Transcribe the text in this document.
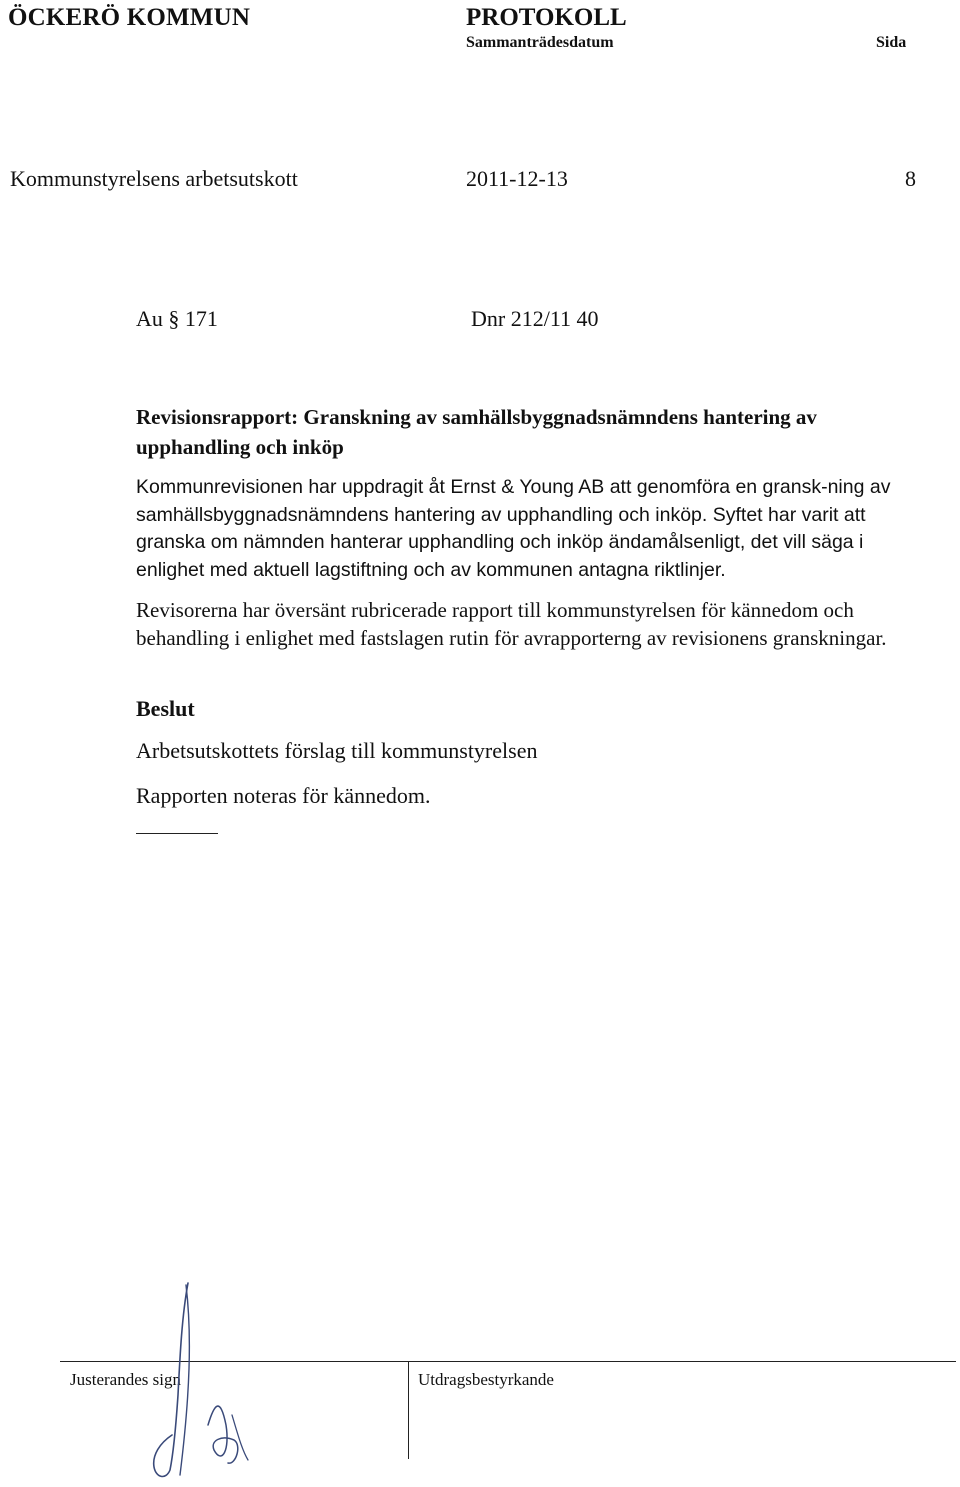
ÖCKERÖ KOMMUN	PROTOKOLL
Sammanträdesdatum	Sida
Kommunstyrelsens arbetsutskott	2011-12-13	8
Au § 171	Dnr 212/11 40
Revisionsrapport: Granskning av samhällsbyggnadsnämndens hantering av upphandling och inköp
Kommunrevisionen har uppdragit åt Ernst & Young AB att genomföra en gransk-ning av samhällsbyggnadsnämndens hantering av upphandling och inköp. Syftet har varit att granska om nämnden hanterar upphandling och inköp ändamålsenligt, det vill säga i enlighet med aktuell lagstiftning och av kommunen antagna riktlinjer.
Revisorerna har översänt rubricerade rapport till kommunstyrelsen för kännedom och behandling i enlighet med fastslagen rutin för avrapporterng av revisionens granskningar.
Beslut
Arbetsutskottets förslag till kommunstyrelsen
Rapporten noteras för kännedom.
Justerandes sign	Utdragsbestyrkande
